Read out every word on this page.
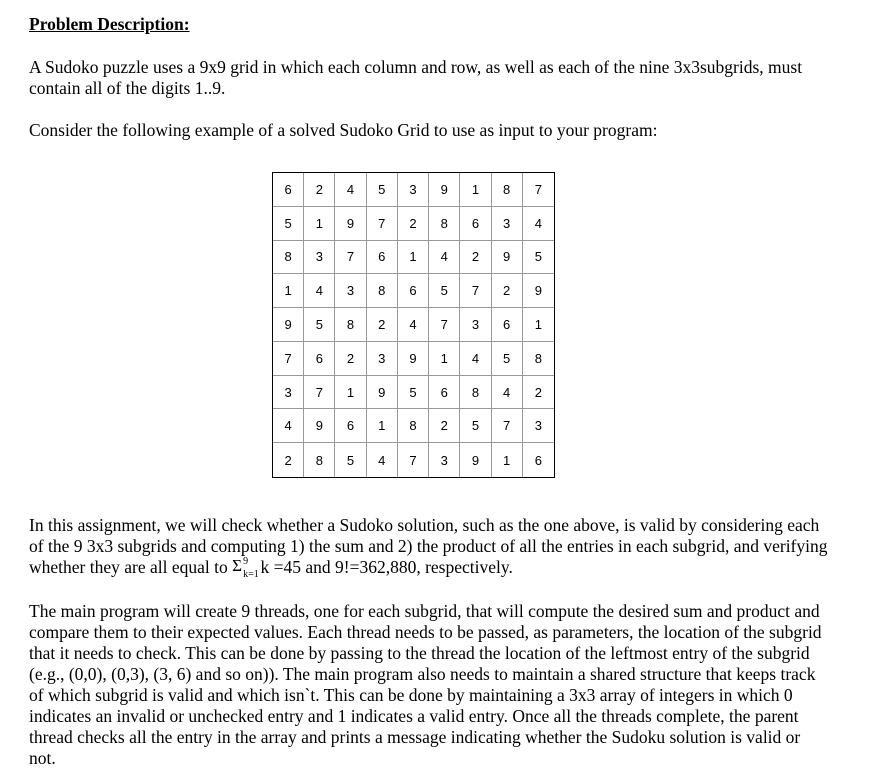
Problem Description:

A Sudoko puzzle uses a 9x9 grid in which each column and row, as well as each of the nine 3x3subgrids, must contain all of the digits 1..9.

Consider the following example of a solved Sudoko Grid to use as input to your program:

6	2	4	5	3	9	1	8	7
5	1	9	7	2	8	6	3	4
8	3	7	6	1	4	2	9	5
1	4	3	8	6	5	7	2	9
9	5	8	2	4	7	3	6	1
7	6	2	3	9	1	4	5	8
3	7	1	9	5	6	8	4	2
4	9	6	1	8	2	5	7	3
2	8	5	4	7	3	9	1	6

In this assignment, we will check whether a Sudoko solution, such as the one above, is valid by considering each of the 9 3x3 subgrids and computing 1) the sum and 2) the product of all the entries in each subgrid, and verifying whether they are all equal to Σ 9
k=1
k =45 and 9!=362,880, respectively.

The main program will create 9 threads, one for each subgrid, that will compute the desired sum and product and compare them to their expected values. Each thread needs to be passed, as parameters, the location of the subgrid that it needs to check. This can be done by passing to the thread the location of the leftmost entry of the subgrid (e.g., (0,0), (0,3), (3, 6) and so on)). The main program also needs to maintain a shared structure that keeps track of which subgrid is valid and which isn`t. This can be done by maintaining a 3x3 array of integers in which 0 indicates an invalid or unchecked entry and 1 indicates a valid entry. Once all the threads complete, the parent thread checks all the entry in the array and prints a message indicating whether the Sudoku solution is valid or not.
